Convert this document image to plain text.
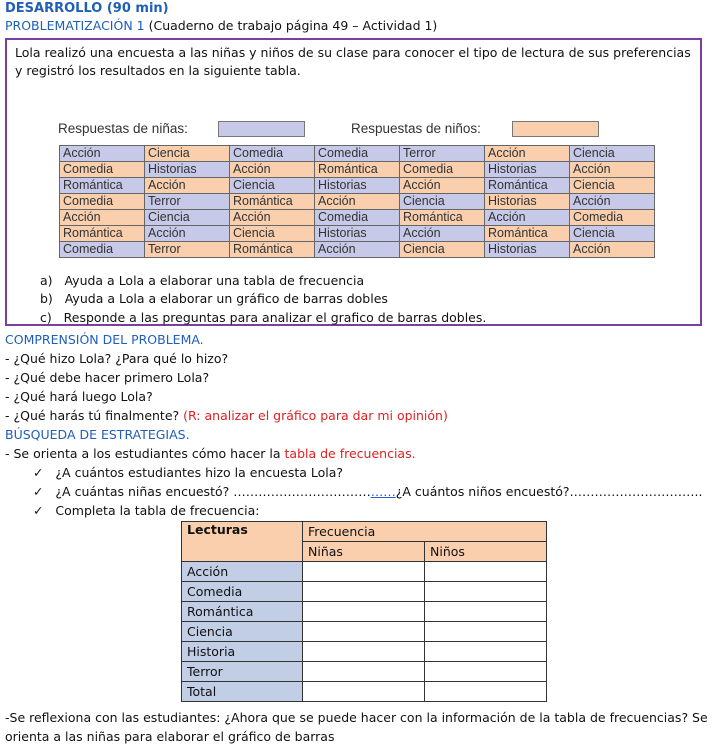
DESARROLLO (90 min)
PROBLEMATIZACIÓN 1 (Cuaderno de trabajo página 49 – Actividad 1)
Lola realizó una encuesta a las niñas y niños de su clase para conocer el tipo de lectura de sus preferencias y registró los resultados en la siguiente tabla.
Respuestas de niñas:	Respuestas de niños:
Acción	Ciencia	Comedia	Comedia	Terror	Acción	Ciencia
Comedia	Historias	Acción	Romántica	Comedia	Historias	Acción
Romántica	Acción	Ciencia	Historias	Acción	Romántica	Ciencia
Comedia	Terror	Romántica	Acción	Ciencia	Historias	Acción
Acción	Ciencia	Acción	Comedia	Romántica	Acción	Comedia
Romántica	Acción	Ciencia	Historias	Acción	Romántica	Ciencia
Comedia	Terror	Romántica	Acción	Ciencia	Historias	Acción
a) Ayuda a Lola a elaborar una tabla de frecuencia
b) Ayuda a Lola a elaborar un gráfico de barras dobles
c) Responde a las preguntas para analizar el grafico de barras dobles.
COMPRENSIÓN DEL PROBLEMA.
- ¿Qué hizo Lola? ¿Para qué lo hizo?
- ¿Qué debe hacer primero Lola?
- ¿Qué hará luego Lola?
- ¿Qué harás tú finalmente? (R: analizar el gráfico para dar mi opinión)
BÚSQUEDA DE ESTRATEGIAS.
- Se orienta a los estudiantes cómo hacer la tabla de frecuencias.
✓ ¿A cuántos estudiantes hizo la encuesta Lola?
✓ ¿A cuántas niñas encuestó? …………………………………¿A cuántos niños encuestó?…………………………..
✓ Completa la tabla de frecuencia:
Lecturas	Frecuencia	
	Niñas	Niños
Acción		
Comedia		
Romántica		
Ciencia		
Historia		
Terror		
Total		
-Se reflexiona con las estudiantes: ¿Ahora que se puede hacer con la información de la tabla de frecuencias? Se orienta a las niñas para elaborar el gráfico de barras
